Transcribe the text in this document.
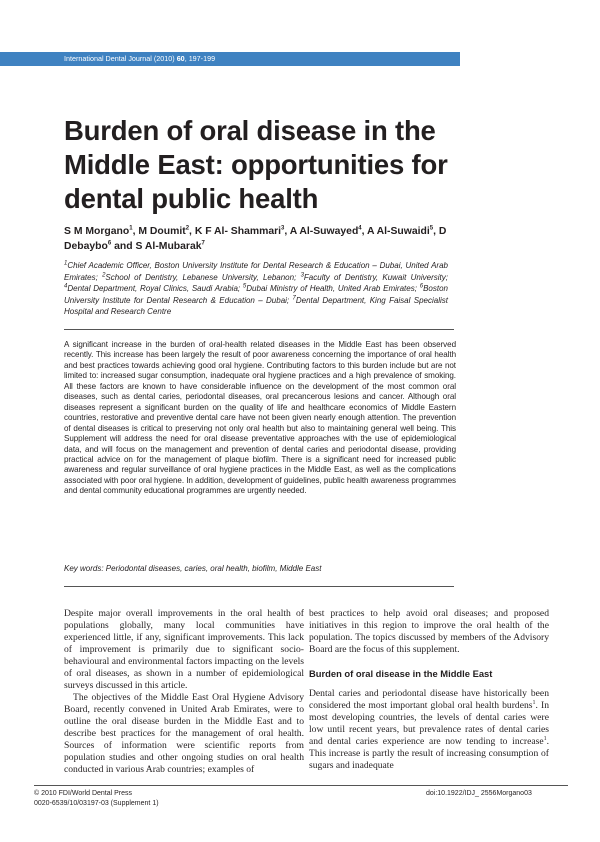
International Dental Journal (2010) 60, 197-199
Burden of oral disease in the Middle East: opportunities for dental public health
S M Morgano$^1$, M Doumit$^2$, K F Al- Shammari$^3$, A Al-Suwayed$^4$, A Al-Suwaidi$^5$, D Debaybo$^6$ and S Al-Mubarak$^7$
$^1$Chief Academic Officer, Boston University Institute for Dental Research & Education – Dubai, United Arab Emirates; $^2$School of Dentistry, Lebanese University, Lebanon; $^3$Faculty of Dentistry, Kuwait University; $^4$Dental Department, Royal Clinics, Saudi Arabia; $^5$Dubai Ministry of Health, United Arab Emirates; $^6$Boston University Institute for Dental Research & Education – Dubai; $^7$Dental Department, King Faisal Specialist Hospital and Research Centre

A significant increase in the burden of oral-health related diseases in the Middle East has been observed recently. This increase has been largely the result of poor awareness concerning the importance of oral health and best practices towards achieving good oral hygiene. Contributing factors to this burden include but are not limited to: increased sugar consumption, inadequate oral hygiene practices and a high prevalence of smoking. All these factors are known to have considerable influence on the development of the most common oral diseases, such as dental caries, periodontal diseases, oral precancerous lesions and cancer. Although oral diseases represent a significant burden on the quality of life and healthcare economics of Middle Eastern countries, restorative and preventive dental care have not been given nearly enough attention. The prevention of dental diseases is critical to preserving not only oral health but also to maintaining general well being. This Supplement will address the need for oral disease preventative approaches with the use of epidemiological data, and will focus on the management and prevention of dental caries and periodontal disease, providing practical advice on for the management of plaque biofilm. There is a significant need for increased public awareness and regular surveillance of oral hygiene practices in the Middle East, as well as the complications associated with poor oral hygiene. In addition, development of guidelines, public health awareness programmes and dental community educational programmes are urgently needed.

Key words: Periodontal diseases, caries, oral health, biofilm, Middle East

Despite major overall improvements in the oral health of populations globally, many local communities have experienced little, if any, significant improvements. This lack of improvement is primarily due to significant socio-behavioural and environmental factors impacting on the levels of oral diseases, as shown in a number of epidemiological surveys discussed in this article.

The objectives of the Middle East Oral Hygiene Advisory Board, recently convened in United Arab Emirates, were to outline the oral disease burden in the Middle East and to describe best practices for the management of oral health. Sources of information were scientific reports from population studies and other ongoing studies on oral health conducted in various Arab countries; examples of

best practices to help avoid oral diseases; and proposed initiatives in this region to improve the oral health of the population. The topics discussed by members of the Advisory Board are the focus of this supplement.

Burden of oral disease in the Middle East

Dental caries and periodontal disease have historically been considered the most important global oral health burdens$^1$. In most developing countries, the levels of dental caries were low until recent years, but prevalence rates of dental caries and dental caries experience are now tending to increase$^1$. This increase is partly the result of increasing consumption of sugars and inadequate

© 2010 FDI/World Dental Press
0020-6539/10/03197-03 (Supplement 1)
doi:10.1922/IDJ_ 2556Morgano03
